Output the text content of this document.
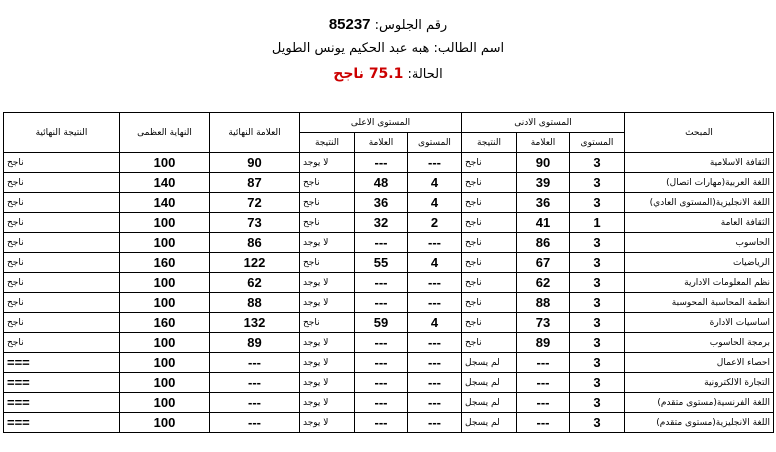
رقم الجلوس: 85237
اسم الطالب: هبه عبد الحكيم يونس الطويل
الحالة: 75.1 ناجح
المبحث	المستوى الادنى			المستوى الاعلى			العلامة النهائية	النهاية العظمى	النتيجة النهائية
	المستوى	العلامة	النتيجة	المستوى	العلامة	النتيجة			
الثقافة الاسلامية	3	90	ناجح	---	---	لا يوجد	90	100	ناجح
اللغة العربية(مهارات اتصال)	3	39	ناجح	4	48	ناجح	87	140	ناجح
اللغة الانجليزية(المستوى العادي)	3	36	ناجح	4	36	ناجح	72	140	ناجح
الثقافة العامة	1	41	ناجح	2	32	ناجح	73	100	ناجح
الحاسوب	3	86	ناجح	---	---	لا يوجد	86	100	ناجح
الرياضيات	3	67	ناجح	4	55	ناجح	122	160	ناجح
نظم المعلومات الادارية	3	62	ناجح	---	---	لا يوجد	62	100	ناجح
انظمة المحاسبة المحوسبة	3	88	ناجح	---	---	لا يوجد	88	100	ناجح
اساسيات الادارة	3	73	ناجح	4	59	ناجح	132	160	ناجح
برمجة الحاسوب	3	89	ناجح	---	---	لا يوجد	89	100	ناجح
احصاء الاعمال	3	---	لم يسجل	---	---	لا يوجد	---	100	===
التجارة الالكترونية	3	---	لم يسجل	---	---	لا يوجد	---	100	===
اللغة الفرنسية(مستوى متقدم)	3	---	لم يسجل	---	---	لا يوجد	---	100	===
اللغة الانجليزية(مستوى متقدم)	3	---	لم يسجل	---	---	لا يوجد	---	100	===
